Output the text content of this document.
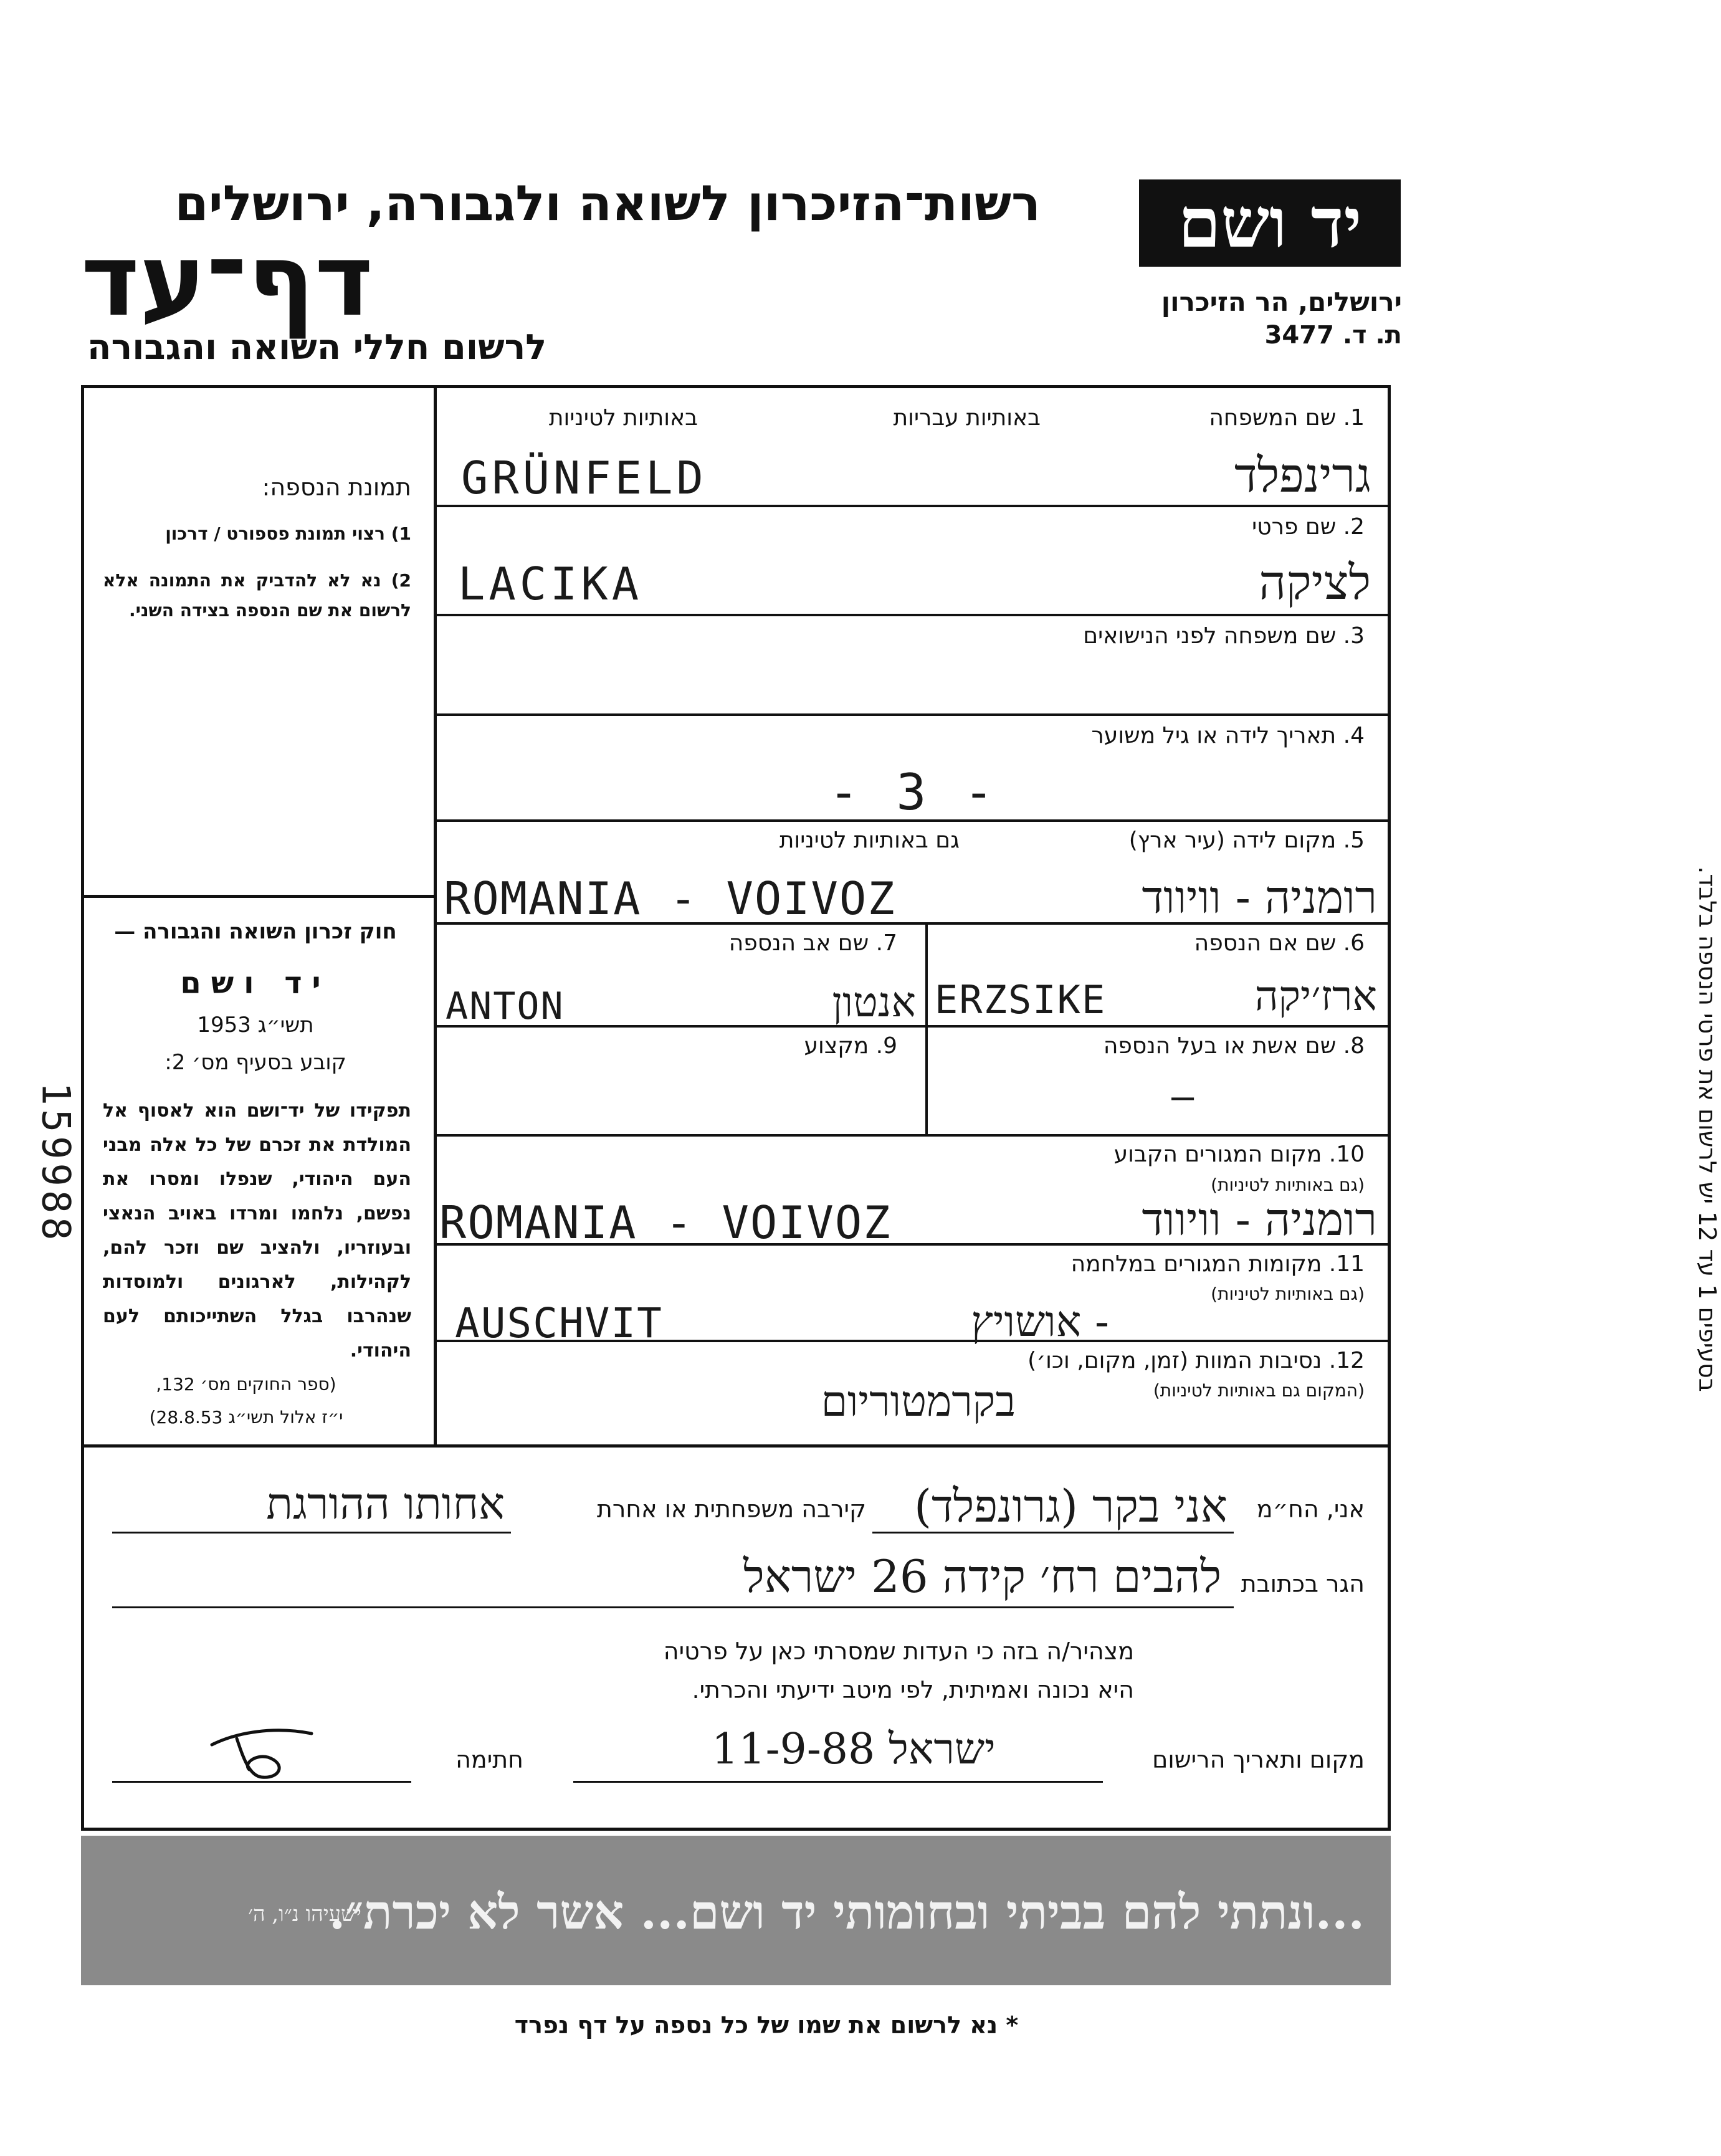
רשות־הזיכרון לשואה ולגבורה, ירושלים
דף־עד
לרשום חללי השואה והגבורה
יד ושם
ירושלים, הר הזיכרון
ת. ד. 3477
תמונת הנספה:
1) רצוי תמונת פספורט / דרכון
2) נא לא להדביק את התמונה אלא לרשום את שם הנספה בצידה השני.
חוק זכרון השואה והגבורה —
יד ושם
תשי״ג 1953
קובע בסעיף מס׳ 2:
תפקידו של יד־ושם הוא לאסוף אל המולדת את זכרם של כל אלה מבני העם היהודי, שנפלו ומסרו את נפשם, נלחמו ומרדו באויב הנאצי ובעוזריו, ולהציב שם וזכר להם, לקהילות, לארגונים ולמוסדות שנהרבו בגלל השתייכותם לעם היהודי.
(ספר החוקים מס׳ 132,
י״ז אלול תשי״ג 28.8.53)
1. שם המשפחה
באותיות עבריות
באותיות לטיניות
GRÜNFELD	גרינפלד
2. שם פרטי
LACIKA	לציקה
3. שם משפחה לפני הנישואים
4. תאריך לידה או גיל משוער
- 3 -
5. מקום לידה (עיר ארץ)
גם באותיות לטיניות
ROMANIA - VOIVOZ	רומניה - וויווד
6. שם אם הנספה
ERZSIKE	ארז׳יקה
7. שם אב הנספה
ANTON	אנטון
8. שם אשת או בעל הנספה
—
9. מקצוע
10. מקום המגורים הקבוע
(גם באותיות לטיניות)
ROMANIA - VOIVOZ	רומניה - וויווד
11. מקומות המגורים במלחמה
(גם באותיות לטיניות)
AUSCHVIT	- אושויץ
12. נסיבות המוות (זמן, מקום, וכו׳)
(המקום גם באותיות לטיניות)
בקרמטוריום
אני, הח״מ
אני בקר (גרונפלד)
קירבה משפחתית או אחרת
אחותו ההורגת
הגר בכתובת
להבים רח׳ קידה 26 ישראל
מצהיר/ה בזה כי העדות שמסרתי כאן על פרטיה
היא נכונה ואמיתית, לפי מיטב ידיעתי והכרתי.
מקום ותאריך הרישום
ישראל 11-9-88
חתימה
בסעיפים 1 עד 12 יש לרשום את פרטי הנספה בלבד.
159988
...ונתתי להם בביתי ובחומותי יד ושם... אשר לא יכרת״.
ישעיהו נ״ו, ה׳
* נא לרשום את שמו של כל נספה על דף נפרד
